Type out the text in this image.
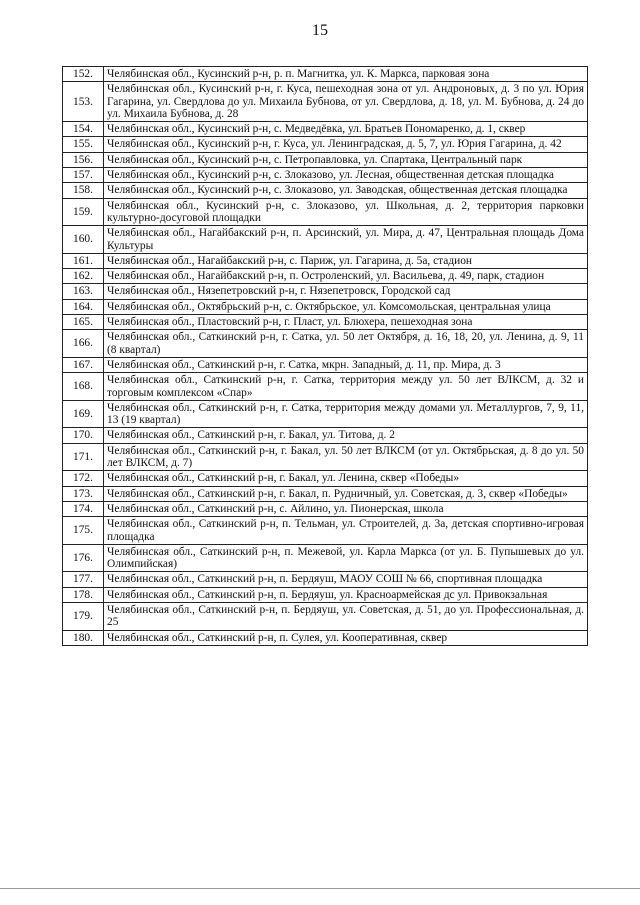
15
152.	Челябинская обл., Кусинский р-н, р. п. Магнитка, ул. К. Маркса, парковая зона
153.	Челябинская обл., Кусинский р-н, г. Куса, пешеходная зона от ул. Андроновых, д. 3 по ул. Юрия Гагарина, ул. Свердлова до ул. Михаила Бубнова, от ул. Свердлова, д. 18, ул. М. Бубнова, д. 24 до ул. Михаила Бубнова, д. 28
154.	Челябинская обл., Кусинский р-н, с. Медведёвка, ул. Братьев Пономаренко, д. 1, сквер
155.	Челябинская обл., Кусинский р-н, г. Куса, ул. Ленинградская, д. 5, 7, ул. Юрия Гагарина, д. 42
156.	Челябинская обл., Кусинский р-н, с. Петропавловка, ул. Спартака, Центральный парк
157.	Челябинская обл., Кусинский р-н, с. Злоказово, ул. Лесная, общественная детская площадка
158.	Челябинская обл., Кусинский р-н, с. Злоказово, ул. Заводская, общественная детская площадка
159.	Челябинская обл., Кусинский р-н, с. Злоказово, ул. Школьная, д. 2, территория парковки культурно-досуговой площадки
160.	Челябинская обл., Нагайбакский р-н, п. Арсинский, ул. Мира, д. 47, Центральная площадь Дома Культуры
161.	Челябинская обл., Нагайбакский р-н, с. Париж, ул. Гагарина, д. 5а, стадион
162.	Челябинская обл., Нагайбакский р-н, п. Остроленский, ул. Васильева, д. 49, парк, стадион
163.	Челябинская обл., Нязепетровский р-н, г. Нязепетровск, Городской сад
164.	Челябинская обл., Октябрьский р-н, с. Октябрьское, ул. Комсомольская, центральная улица
165.	Челябинская обл., Пластовский р-н, г. Пласт, ул. Блюхера, пешеходная зона
166.	Челябинская обл., Саткинский р-н, г. Сатка, ул. 50 лет Октября, д. 16, 18, 20, ул. Ленина, д. 9, 11 (8 квартал)
167.	Челябинская обл., Саткинский р-н, г. Сатка, мкрн. Западный, д. 11, пр. Мира, д. 3
168.	Челябинская обл., Саткинский р-н, г. Сатка, территория между ул. 50 лет ВЛКСМ, д. 32 и торговым комплексом «Спар»
169.	Челябинская обл., Саткинский р-н, г. Сатка, территория между домами ул. Металлургов, 7, 9, 11, 13 (19 квартал)
170.	Челябинская обл., Саткинский р-н, г. Бакал, ул. Титова, д. 2
171.	Челябинская обл., Саткинский р-н, г. Бакал, ул. 50 лет ВЛКСМ (от ул. Октябрьская, д. 8 до ул. 50 лет ВЛКСМ, д. 7)
172.	Челябинская обл., Саткинский р-н, г. Бакал, ул. Ленина, сквер «Победы»
173.	Челябинская обл., Саткинский р-н, г. Бакал, п. Рудничный, ул. Советская, д. 3, сквер «Победы»
174.	Челябинская обл., Саткинский р-н, с. Айлино, ул. Пионерская, школа
175.	Челябинская обл., Саткинский р-н, п. Тельман, ул. Строителей, д. 3а, детская спортивно-игровая площадка
176.	Челябинская обл., Саткинский р-н, п. Межевой, ул. Карла Маркса (от ул. Б. Пупышевых до ул. Олимпийская)
177.	Челябинская обл., Саткинский р-н, п. Бердяуш, МАОУ СОШ № 66, спортивная площадка
178.	Челябинская обл., Саткинский р-н, п. Бердяуш, ул. Красноармейская дс ул. Привокзальная
179.	Челябинская обл., Саткинский р-н, п. Бердяуш, ул. Советская, д. 51, до ул. Профессиональная, д. 25
180.	Челябинская обл., Саткинский р-н, п. Сулея, ул. Кооперативная, сквер
